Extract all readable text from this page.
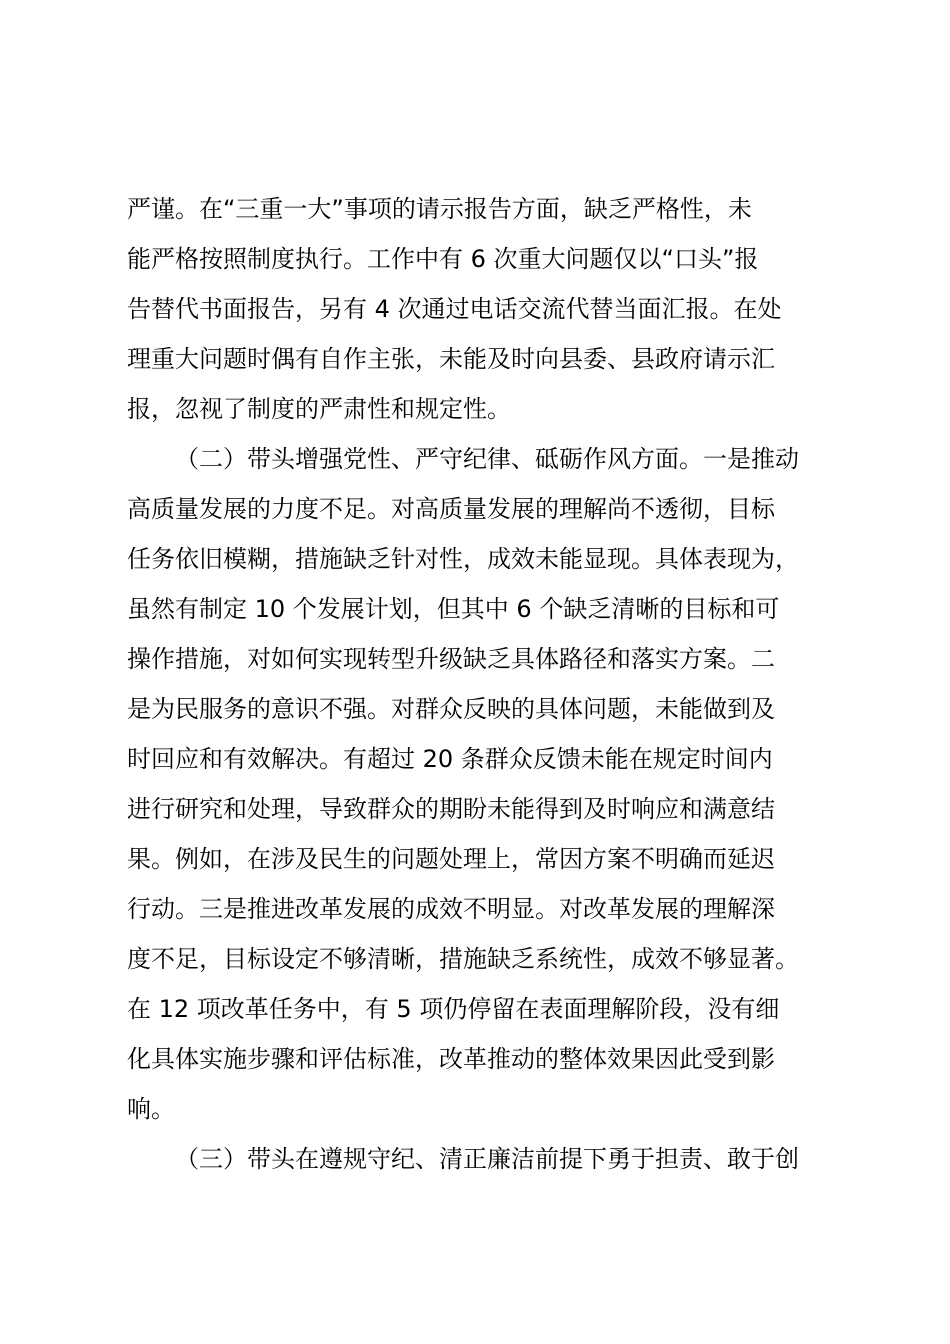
严谨。在“三重一大”事项的请示报告方面，缺乏严格性，未
能严格按照制度执行。工作中有 6 次重大问题仅以“口头”报
告替代书面报告，另有 4 次通过电话交流代替当面汇报。在处
理重大问题时偶有自作主张，未能及时向县委、县政府请示汇
报，忽视了制度的严肃性和规定性。
（二）带头增强党性、严守纪律、砥砺作风方面。一是推动
高质量发展的力度不足。对高质量发展的理解尚不透彻，目标
任务依旧模糊，措施缺乏针对性，成效未能显现。具体表现为，
虽然有制定 10 个发展计划，但其中 6 个缺乏清晰的目标和可
操作措施，对如何实现转型升级缺乏具体路径和落实方案。二
是为民服务的意识不强。对群众反映的具体问题，未能做到及
时回应和有效解决。有超过 20 条群众反馈未能在规定时间内
进行研究和处理，导致群众的期盼未能得到及时响应和满意结
果。例如，在涉及民生的问题处理上，常因方案不明确而延迟
行动。三是推进改革发展的成效不明显。对改革发展的理解深
度不足，目标设定不够清晰，措施缺乏系统性，成效不够显著。
在 12 项改革任务中，有 5 项仍停留在表面理解阶段，没有细
化具体实施步骤和评估标准，改革推动的整体效果因此受到影
响。
（三）带头在遵规守纪、清正廉洁前提下勇于担责、敢于创
